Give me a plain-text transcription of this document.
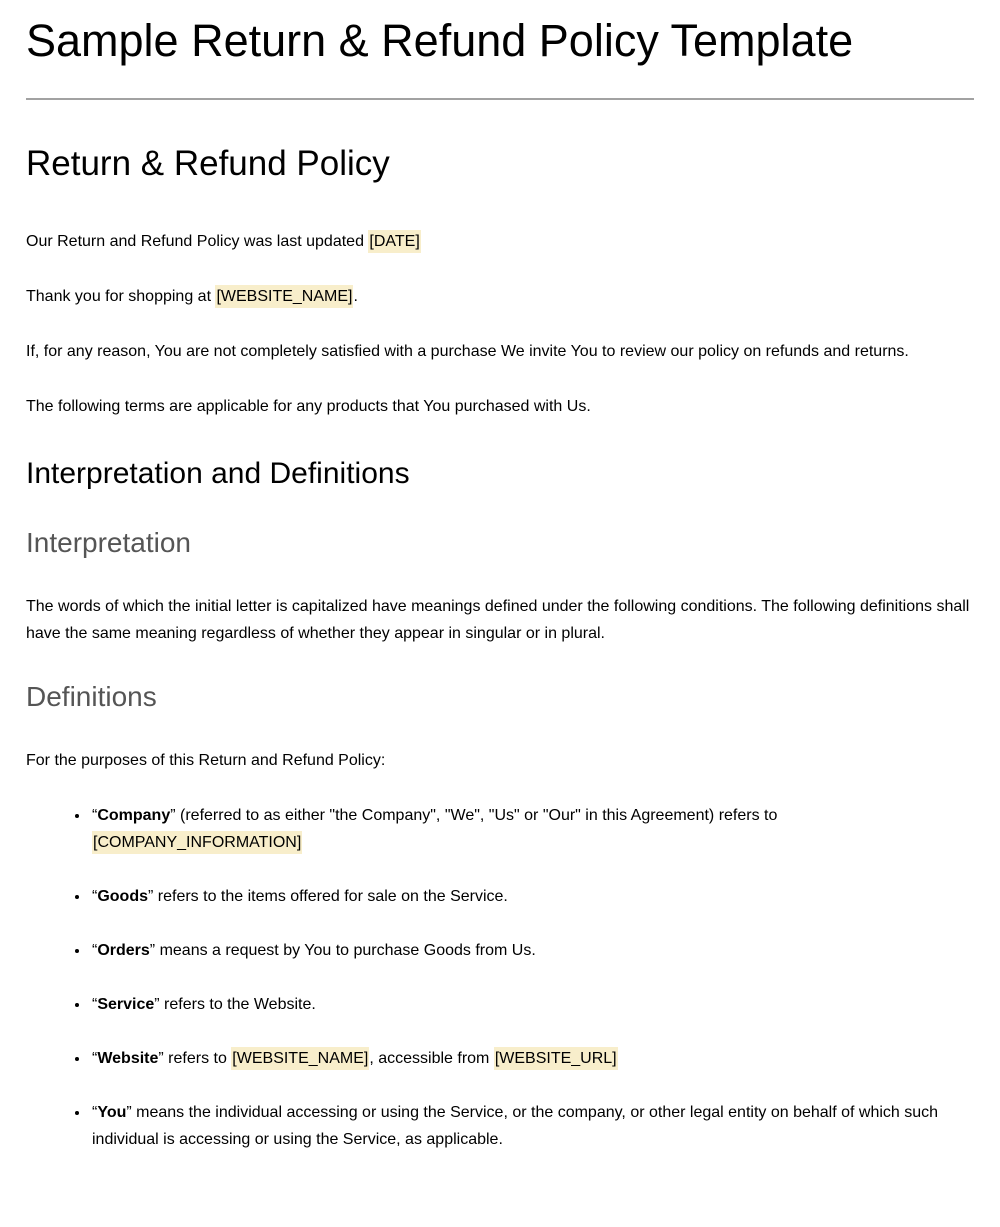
Sample Return & Refund Policy Template
Return & Refund Policy

Our Return and Refund Policy was last updated [DATE]

Thank you for shopping at [WEBSITE_NAME].

If, for any reason, You are not completely satisfied with a purchase We invite You to review our policy on refunds and returns.

The following terms are applicable for any products that You purchased with Us.

Interpretation and Definitions
Interpretation

The words of which the initial letter is capitalized have meanings defined under the following conditions. The following definitions shall have the same meaning regardless of whether they appear in singular or in plural.

Definitions

For the purposes of this Return and Refund Policy:

• “Company” (referred to as either "the Company", "We", "Us" or "Our" in this Agreement) refers to [COMPANY_INFORMATION]
• “Goods” refers to the items offered for sale on the Service.
• “Orders” means a request by You to purchase Goods from Us.
• “Service” refers to the Website.
• “Website” refers to [WEBSITE_NAME], accessible from [WEBSITE_URL]
• “You” means the individual accessing or using the Service, or the company, or other legal entity on behalf of which such individual is accessing or using the Service, as applicable.
